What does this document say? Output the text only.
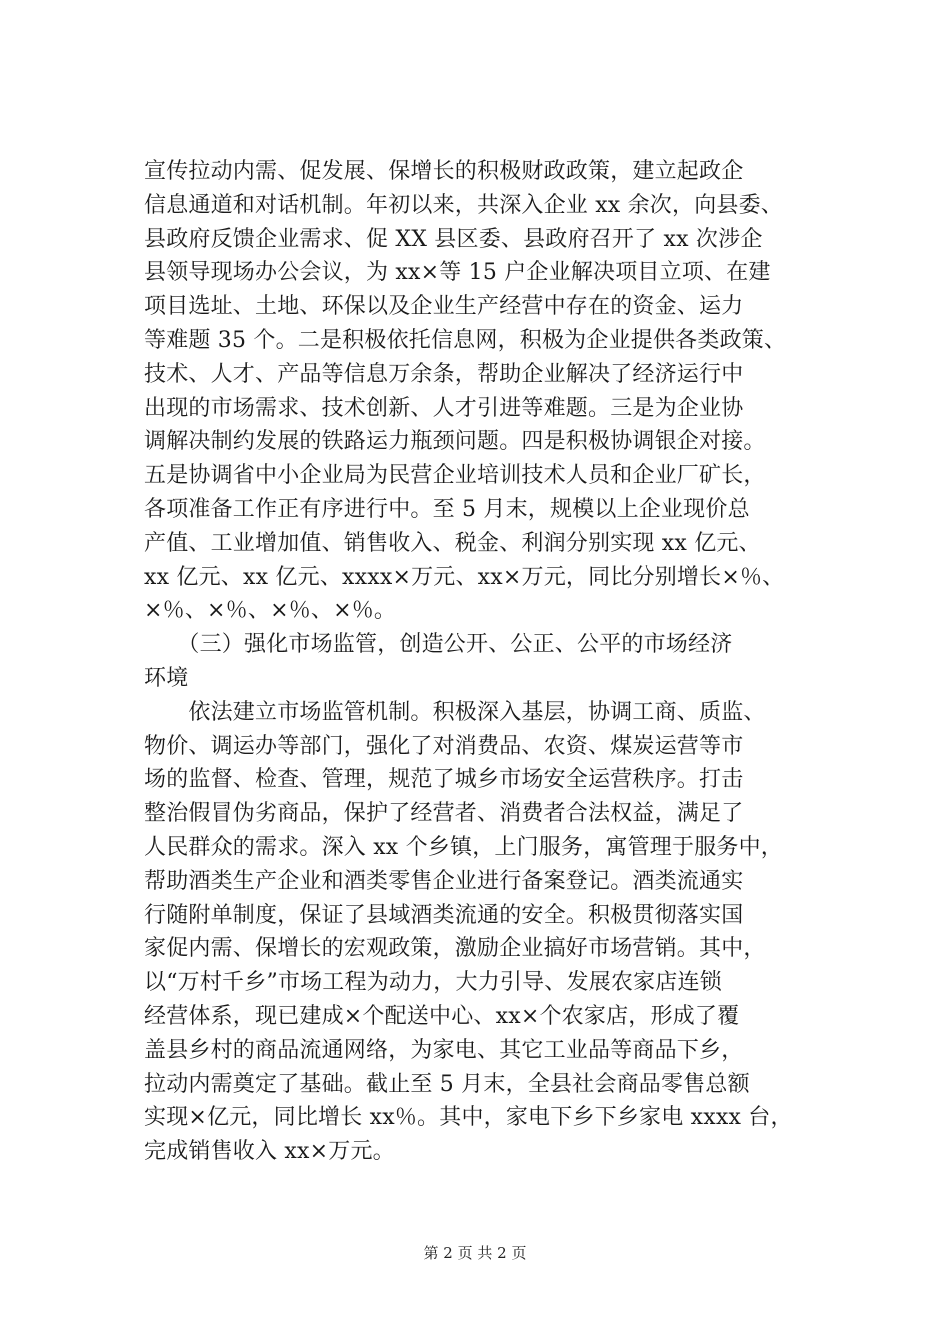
宣传拉动内需、促发展、保增长的积极财政政策，建立起政企
信息通道和对话机制。年初以来，共深入企业 xx 余次，向县委、
县政府反馈企业需求、促 XX 县区委、县政府召开了 xx 次涉企
县领导现场办公会议，为 xx×等 15 户企业解决项目立项、在建
项目选址、土地、环保以及企业生产经营中存在的资金、运力
等难题 35 个。二是积极依托信息网，积极为企业提供各类政策、
技术、人才、产品等信息万余条，帮助企业解决了经济运行中
出现的市场需求、技术创新、人才引进等难题。三是为企业协
调解决制约发展的铁路运力瓶颈问题。四是积极协调银企对接。
五是协调省中小企业局为民营企业培训技术人员和企业厂矿长，
各项准备工作正有序进行中。至 5 月末，规模以上企业现价总
产值、工业增加值、销售收入、税金、利润分别实现 xx 亿元、
xx 亿元、xx 亿元、xxxx×万元、xx×万元，同比分别增长×％、
×％、×％、×％、×％。
　　（三）强化市场监管，创造公开、公正、公平的市场经济
环境
　　依法建立市场监管机制。积极深入基层，协调工商、质监、
物价、调运办等部门，强化了对消费品、农资、煤炭运营等市
场的监督、检查、管理，规范了城乡市场安全运营秩序。打击
整治假冒伪劣商品，保护了经营者、消费者合法权益，满足了
人民群众的需求。深入 xx 个乡镇，上门服务，寓管理于服务中，
帮助酒类生产企业和酒类零售企业进行备案登记。酒类流通实
行随附单制度，保证了县域酒类流通的安全。积极贯彻落实国
家促内需、保增长的宏观政策，激励企业搞好市场营销。其中，
以“万村千乡”市场工程为动力，大力引导、发展农家店连锁
经营体系，现已建成×个配送中心、xx×个农家店，形成了覆
盖县乡村的商品流通网络，为家电、其它工业品等商品下乡，
拉动内需奠定了基础。截止至 5 月末，全县社会商品零售总额
实现×亿元，同比增长 xx％。其中，家电下乡下乡家电 xxxx 台，
完成销售收入 xx×万元。
第 2 页 共 2 页
